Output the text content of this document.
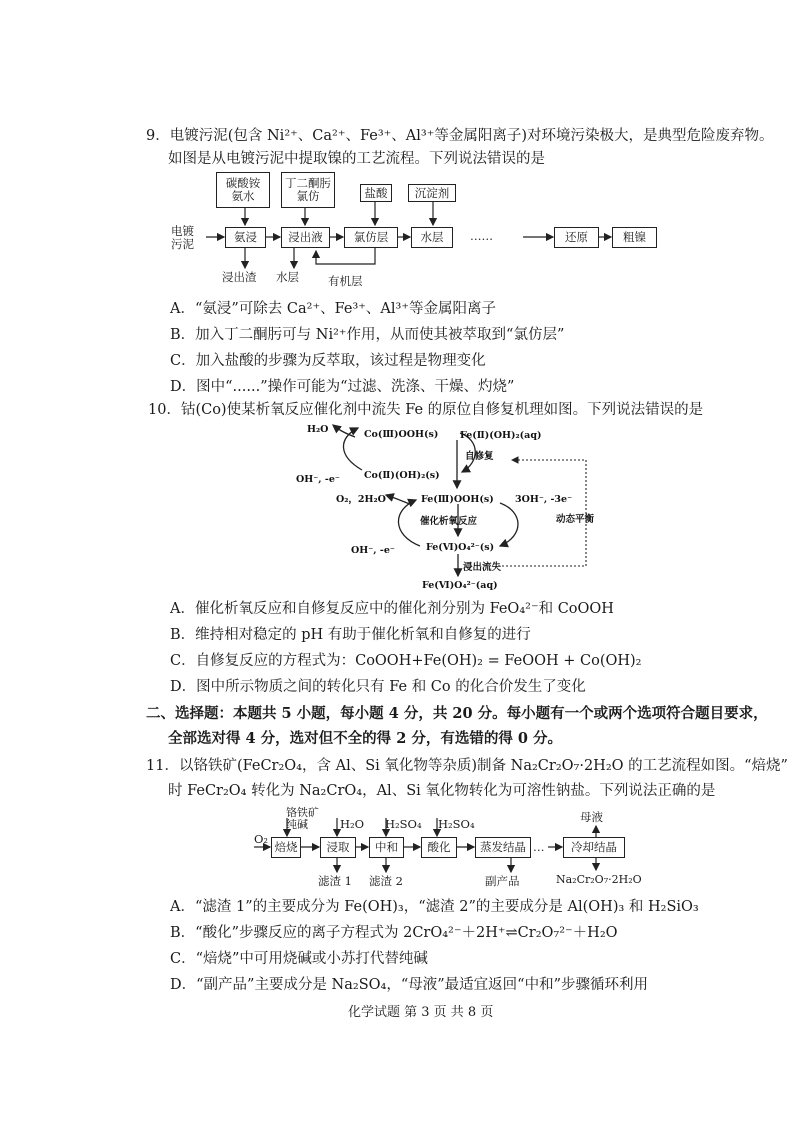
9．电镀污泥(包含 Ni²⁺、Ca²⁺、Fe³⁺、Al³⁺等金属阳离子)对环境污染极大，是典型危险废弃物。
如图是从电镀污泥中提取镍的工艺流程。下列说法错误的是
碳酸铵
氨水
丁二酮肟
氯仿	盐酸	沉淀剂
电镀
污泥	氨浸	浸出液	氯仿层	水层	……	还原	粗镍
浸出渣 水层	有机层
A．“氨浸”可除去 Ca²⁺、Fe³⁺、Al³⁺等金属阳离子
B．加入丁二酮肟可与 Ni²⁺作用，从而使其被萃取到“氯仿层”
C．加入盐酸的步骤为反萃取，该过程是物理变化
D．图中“......”操作可能为“过滤、洗涤、干燥、灼烧”
10．钴(Co)使某析氧反应催化剂中流失 Fe 的原位自修复机理如图。下列说法错误的是
H₂O	Co(Ⅲ)OOH(s) Fe(Ⅱ)(OH)₂(aq)
OH⁻, -e⁻	Co(Ⅱ)(OH)₂(s)
自修复
O₂，2H₂O	Fe(Ⅲ)OOH(s) 3OH⁻, -3e⁻
催化析氧反应	动态平衡
OH⁻, -e⁻	Fe(Ⅵ)O₄²⁻(s)
浸出流失
Fe(Ⅵ)O₄²⁻(aq)
A．催化析氧反应和自修复反应中的催化剂分别为 FeO₄²⁻和 CoOOH
B．维持相对稳定的 pH 有助于催化析氧和自修复的进行
C．自修复反应的方程式为：CoOOH+Fe(OH)₂ = FeOOH + Co(OH)₂
D．图中所示物质之间的转化只有 Fe 和 Co 的化合价发生了变化
二、选择题：本题共 5 小题，每小题 4 分，共 20 分。每小题有一个或两个选项符合题目要求，
全部选对得 4 分，选对但不全的得 2 分，有选错的得 0 分。
11．以铬铁矿(FeCr₂O₄，含 Al、Si 氧化物等杂质)制备 Na₂Cr₂O₇·2H₂O 的工艺流程如图。“焙烧”
时 FeCr₂O₄ 转化为 Na₂CrO₄，Al、Si 氧化物转化为可溶性钠盐。下列说法正确的是
O₂
铬铁矿
纯碱	H₂O H₂SO₄ H₂SO₄
焙烧	浸取	中和	酸化	蒸发结晶 …	冷却结晶
母液
滤渣 1 滤渣 2	副产品	Na₂Cr₂O₇·2H₂O
A．“滤渣 1”的主要成分为 Fe(OH)₃，“滤渣 2”的主要成分是 Al(OH)₃ 和 H₂SiO₃
B．“酸化”步骤反应的离子方程式为 2CrO₄²⁻＋2H⁺⇌Cr₂O₇²⁻＋H₂O
C．“焙烧”中可用烧碱或小苏打代替纯碱
D．“副产品”主要成分是 Na₂SO₄，“母液”最适宜返回“中和”步骤循环利用
化学试题 第 3 页 共 8 页
